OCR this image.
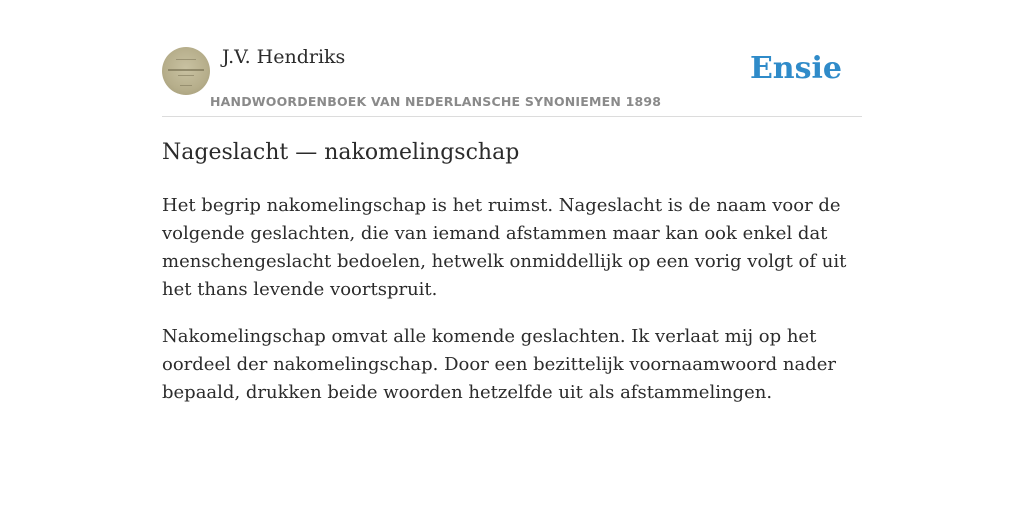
J.V. Hendriks
HANDWOORDENBOEK VAN NEDERLANSCHE SYNONIEMEN 1898
Ensie
Nageslacht — nakomelingschap

Het begrip nakomelingschap is het ruimst. Nageslacht is de naam voor de volgende geslachten, die van iemand afstammen maar kan ook enkel dat menschengeslacht bedoelen, hetwelk onmiddellijk op een vorig volgt of uit het thans levende voortspruit.

Nakomelingschap omvat alle komende geslachten. Ik verlaat mij op het oordeel der nakomelingschap. Door een bezittelijk voornaamwoord nader bepaald, drukken beide woorden hetzelfde uit als afstammelingen.
